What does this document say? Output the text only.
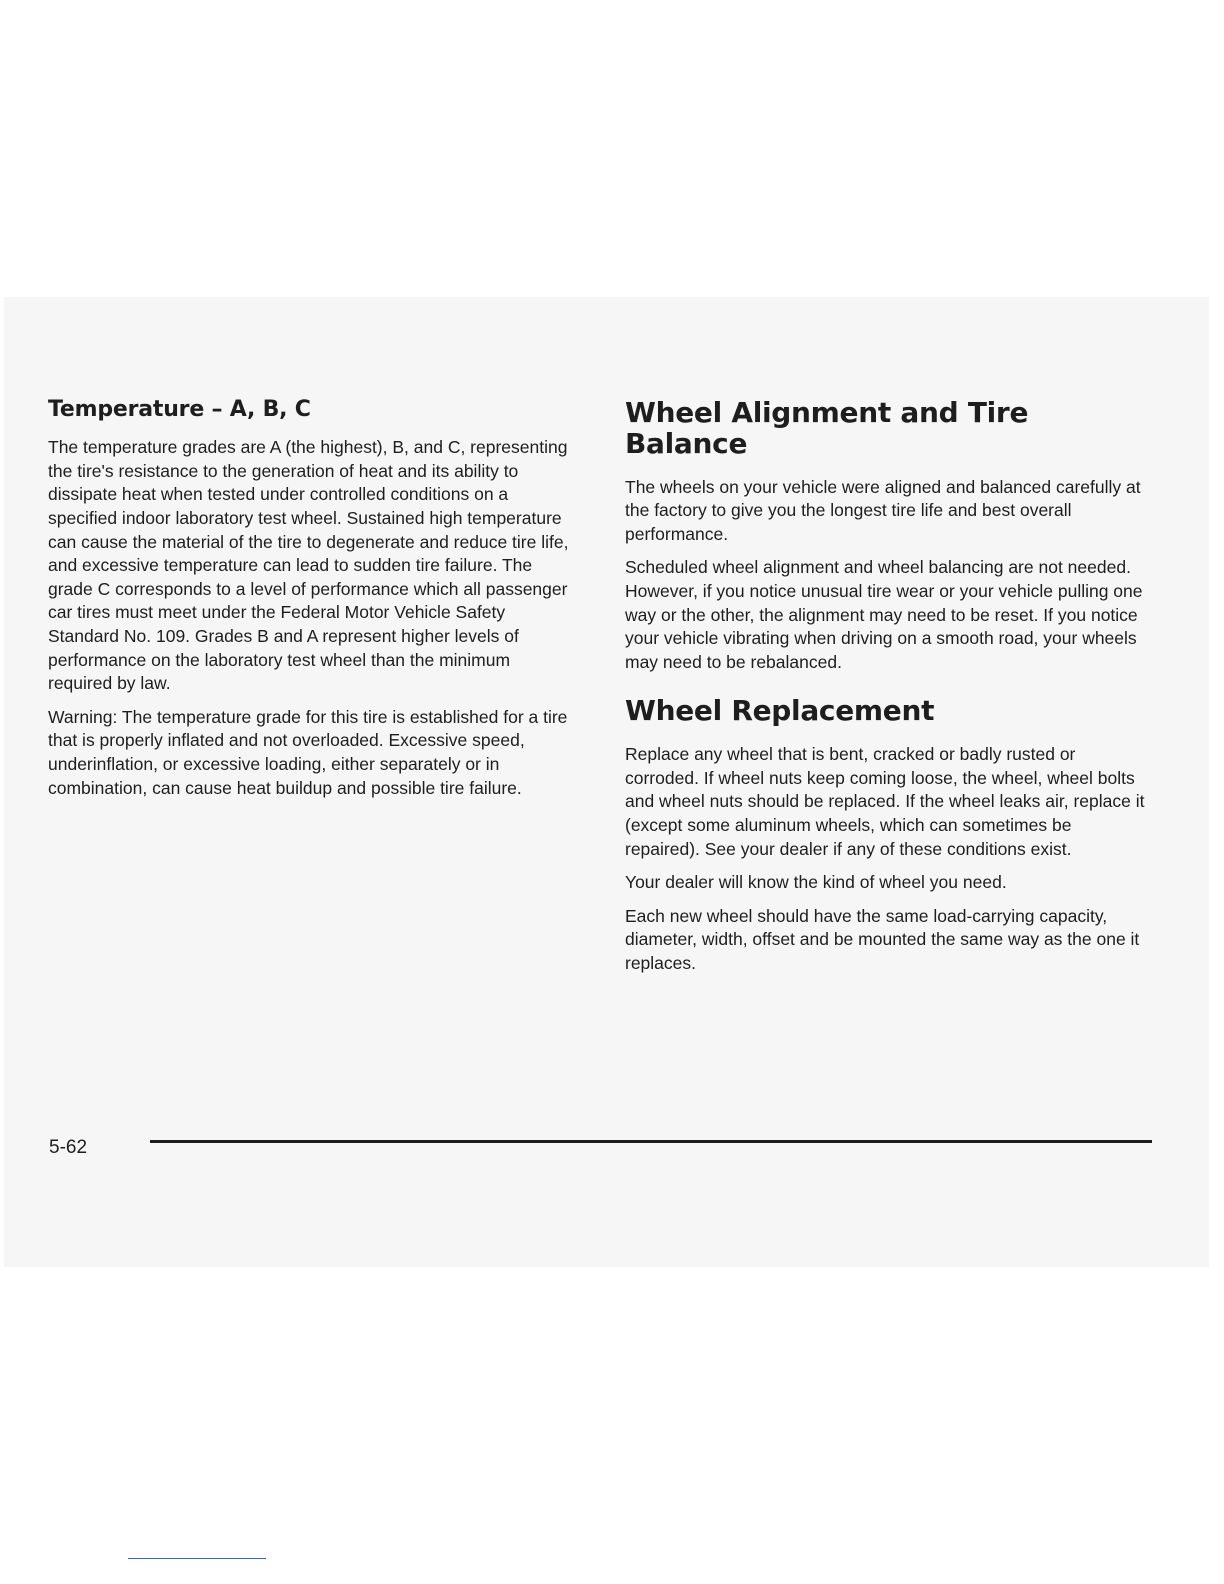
Temperature – A, B, C

The temperature grades are A (the highest), B, and C, representing the tire's resistance to the generation of heat and its ability to dissipate heat when tested under controlled conditions on a specified indoor laboratory test wheel. Sustained high temperature can cause the material of the tire to degenerate and reduce tire life, and excessive temperature can lead to sudden tire failure. The grade C corresponds to a level of performance which all passenger car tires must meet under the Federal Motor Vehicle Safety Standard No. 109. Grades B and A represent higher levels of performance on the laboratory test wheel than the minimum required by law.

Warning: The temperature grade for this tire is established for a tire that is properly inflated and not overloaded. Excessive speed, underinflation, or excessive loading, either separately or in combination, can cause heat buildup and possible tire failure.

Wheel Alignment and Tire Balance

The wheels on your vehicle were aligned and balanced carefully at the factory to give you the longest tire life and best overall performance.

Scheduled wheel alignment and wheel balancing are not needed. However, if you notice unusual tire wear or your vehicle pulling one way or the other, the alignment may need to be reset. If you notice your vehicle vibrating when driving on a smooth road, your wheels may need to be rebalanced.

Wheel Replacement

Replace any wheel that is bent, cracked or badly rusted or corroded. If wheel nuts keep coming loose, the wheel, wheel bolts and wheel nuts should be replaced. If the wheel leaks air, replace it (except some aluminum wheels, which can sometimes be repaired). See your dealer if any of these conditions exist.

Your dealer will know the kind of wheel you need.

Each new wheel should have the same load-carrying capacity, diameter, width, offset and be mounted the same way as the one it replaces.

5-62
